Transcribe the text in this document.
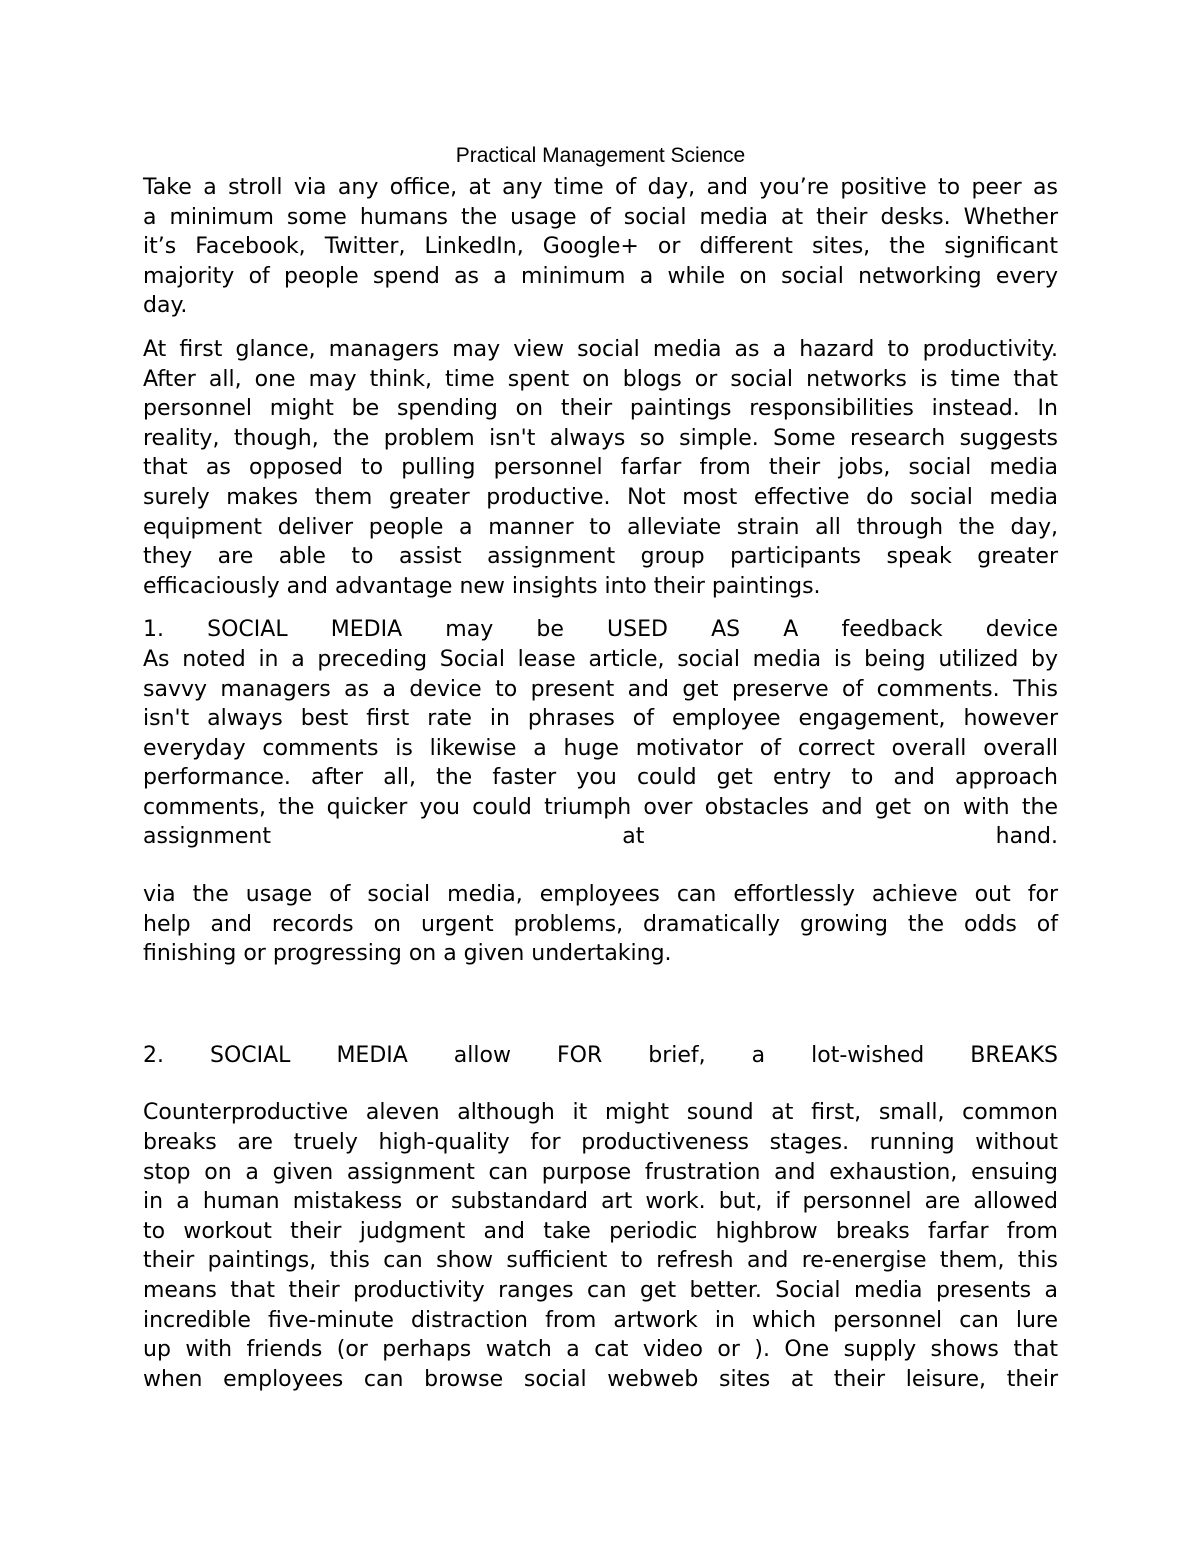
Practical Management Science
Take a stroll via any office, at any time of day, and you’re positive to peer as
a minimum some humans the usage of social media at their desks. Whether
it’s Facebook, Twitter, LinkedIn, Google+ or different sites, the significant
majority of people spend as a minimum a while on social networking every
day.
At first glance, managers may view social media as a hazard to productivity.
After all, one may think, time spent on blogs or social networks is time that
personnel might be spending on their paintings responsibilities instead. In
reality, though, the problem isn't always so simple. Some research suggests
that as opposed to pulling personnel farfar from their jobs, social media
surely makes them greater productive. Not most effective do social media
equipment deliver people a manner to alleviate strain all through the day,
they are able to assist assignment group participants speak greater
efficaciously and advantage new insights into their paintings.
1. SOCIAL MEDIA may be USED AS A feedback device
As noted in a preceding Social lease article, social media is being utilized by
savvy managers as a device to present and get preserve of comments. This
isn't always best first rate in phrases of employee engagement, however
everyday comments is likewise a huge motivator of correct overall overall
performance. after all, the faster you could get entry to and approach
comments, the quicker you could triumph over obstacles and get on with the
assignment at hand.
via the usage of social media, employees can effortlessly achieve out for
help and records on urgent problems, dramatically growing the odds of
finishing or progressing on a given undertaking.
2. SOCIAL MEDIA allow FOR brief, a lot-wished BREAKS
Counterproductive aleven although it might sound at first, small, common
breaks are truely high-quality for productiveness stages. running without
stop on a given assignment can purpose frustration and exhaustion, ensuing
in a human mistakess or substandard art work. but, if personnel are allowed
to workout their judgment and take periodic highbrow breaks farfar from
their paintings, this can show sufficient to refresh and re-energise them, this
means that their productivity ranges can get better. Social media presents a
incredible five-minute distraction from artwork in which personnel can lure
up with friends (or perhaps watch a cat video or ). One supply shows that
when employees can browse social webweb sites at their leisure, their
